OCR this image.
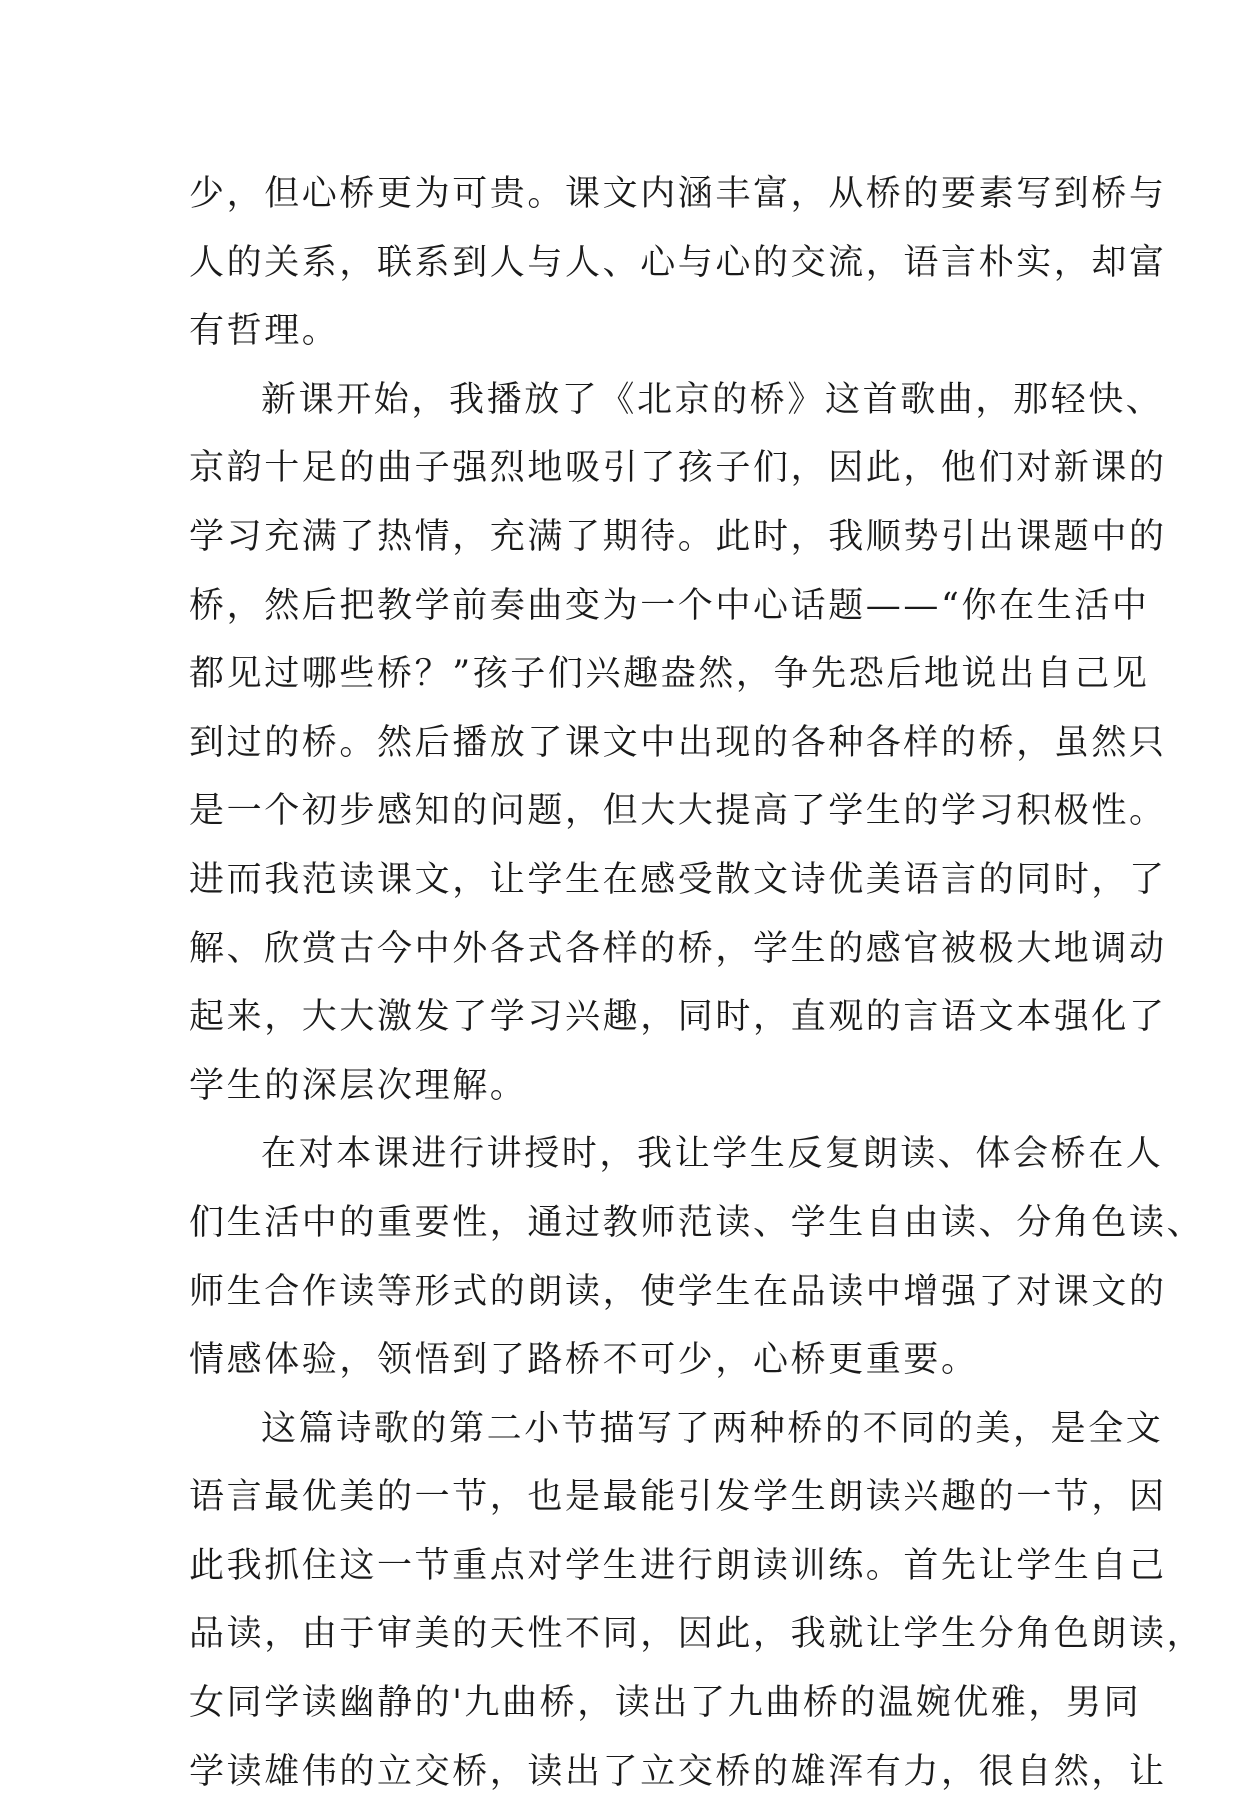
少，但心桥更为可贵。课文内涵丰富，从桥的要素写到桥与
人的关系，联系到人与人、心与心的交流，语言朴实，却富
有哲理。
新课开始，我播放了《北京的桥》这首歌曲，那轻快、
京韵十足的曲子强烈地吸引了孩子们，因此，他们对新课的
学习充满了热情，充满了期待。此时，我顺势引出课题中的
桥，然后把教学前奏曲变为一个中心话题——“你在生活中
都见过哪些桥？”孩子们兴趣盎然，争先恐后地说出自己见
到过的桥。然后播放了课文中出现的各种各样的桥，虽然只
是一个初步感知的问题，但大大提高了学生的学习积极性。
进而我范读课文，让学生在感受散文诗优美语言的同时，了
解、欣赏古今中外各式各样的桥，学生的感官被极大地调动
起来，大大激发了学习兴趣，同时，直观的言语文本强化了
学生的深层次理解。
在对本课进行讲授时，我让学生反复朗读、体会桥在人
们生活中的重要性，通过教师范读、学生自由读、分角色读、
师生合作读等形式的朗读，使学生在品读中增强了对课文的
情感体验，领悟到了路桥不可少，心桥更重要。
这篇诗歌的第二小节描写了两种桥的不同的美，是全文
语言最优美的一节，也是最能引发学生朗读兴趣的一节，因
此我抓住这一节重点对学生进行朗读训练。首先让学生自己
品读，由于审美的天性不同，因此，我就让学生分角色朗读，
女同学读幽静的'九曲桥，读出了九曲桥的温婉优雅，男同
学读雄伟的立交桥，读出了立交桥的雄浑有力，很自然，让
